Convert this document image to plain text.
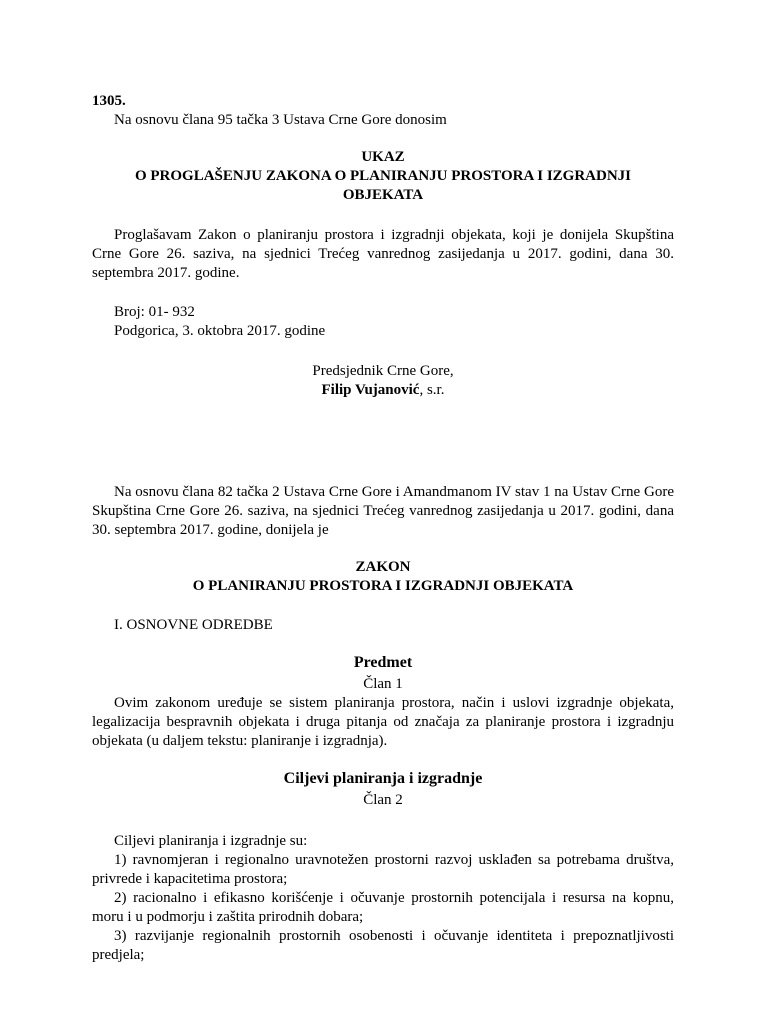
1305.

Na osnovu člana 95 tačka 3 Ustava Crne Gore donosim

UKAZ

O PROGLAŠENJU ZAKONA O PLANIRANJU PROSTORA I IZGRADNJI OBJEKATA

Proglašavam Zakon o planiranju prostora i izgradnji objekata, koji je donijela Skupština Crne Gore 26. saziva, na sjednici Trećeg vanrednog zasijedanja u 2017. godini, dana 30. septembra 2017. godine.

Broj: 01- 932

Podgorica, 3. oktobra 2017. godine

Predsjednik Crne Gore,

Filip Vujanović, s.r.

Na osnovu člana 82 tačka 2 Ustava Crne Gore i Amandmanom IV stav 1 na Ustav Crne Gore Skupština Crne Gore 26. saziva, na sjednici Trećeg vanrednog zasijedanja u 2017. godini, dana 30. septembra 2017. godine, donijela je

ZAKON

O PLANIRANJU PROSTORA I IZGRADNJI OBJEKATA

I. OSNOVNE ODREDBE

Predmet

Član 1

Ovim zakonom uređuje se sistem planiranja prostora, način i uslovi izgradnje objekata, legalizacija bespravnih objekata i druga pitanja od značaja za planiranje prostora i izgradnju objekata (u daljem tekstu: planiranje i izgradnja).

Ciljevi planiranja i izgradnje

Član 2

Ciljevi planiranja i izgradnje su:

1) ravnomjeran i regionalno uravnotežen prostorni razvoj usklađen sa potrebama društva, privrede i kapacitetima prostora;

2) racionalno i efikasno korišćenje i očuvanje prostornih potencijala i resursa na kopnu, moru i u podmorju i zaštita prirodnih dobara;

3) razvijanje regionalnih prostornih osobenosti i očuvanje identiteta i prepoznatljivosti predjela;
